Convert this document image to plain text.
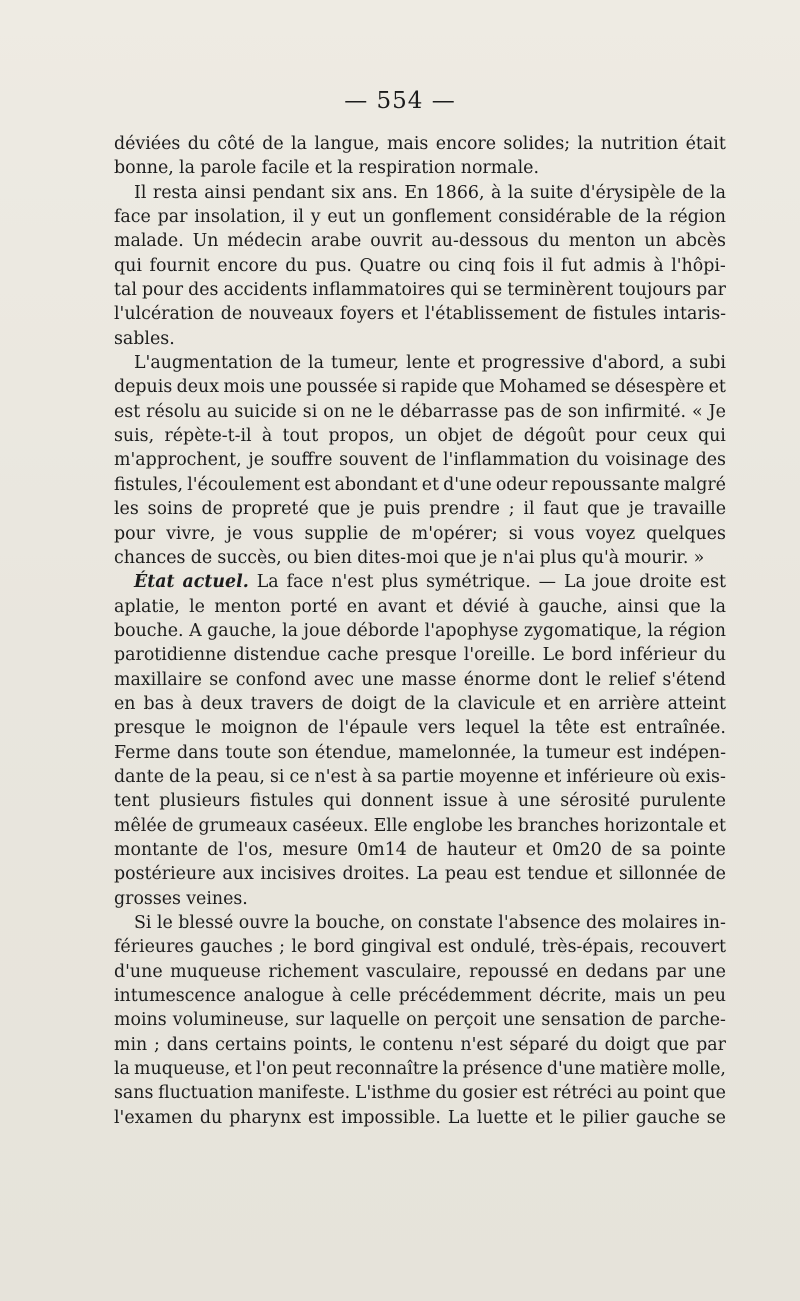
— 554 —
déviées du côté de la langue, mais encore solides; la nutrition était
bonne, la parole facile et la respiration normale.
Il resta ainsi pendant six ans. En 1866, à la suite d'érysipèle de la
face par insolation, il y eut un gonflement considérable de la région
malade. Un médecin arabe ouvrit au-dessous du menton un abcès
qui fournit encore du pus. Quatre ou cinq fois il fut admis à l'hôpi-
tal pour des accidents inflammatoires qui se terminèrent toujours par
l'ulcération de nouveaux foyers et l'établissement de fistules intaris-
sables.
L'augmentation de la tumeur, lente et progressive d'abord, a subi
depuis deux mois une poussée si rapide que Mohamed se désespère et
est résolu au suicide si on ne le débarrasse pas de son infirmité. « Je
suis, répète-t-il à tout propos, un objet de dégoût pour ceux qui
m'approchent, je souffre souvent de l'inflammation du voisinage des
fistules, l'écoulement est abondant et d'une odeur repoussante malgré
les soins de propreté que je puis prendre ; il faut que je travaille
pour vivre, je vous supplie de m'opérer; si vous voyez quelques
chances de succès, ou bien dites-moi que je n'ai plus qu'à mourir. »
État actuel. La face n'est plus symétrique. — La joue droite est
aplatie, le menton porté en avant et dévié à gauche, ainsi que la
bouche. A gauche, la joue déborde l'apophyse zygomatique, la région
parotidienne distendue cache presque l'oreille. Le bord inférieur du
maxillaire se confond avec une masse énorme dont le relief s'étend
en bas à deux travers de doigt de la clavicule et en arrière atteint
presque le moignon de l'épaule vers lequel la tête est entraînée.
Ferme dans toute son étendue, mamelonnée, la tumeur est indépen-
dante de la peau, si ce n'est à sa partie moyenne et inférieure où exis-
tent plusieurs fistules qui donnent issue à une sérosité purulente
mêlée de grumeaux caséeux. Elle englobe les branches horizontale et
montante de l'os, mesure 0m14 de hauteur et 0m20 de sa pointe
postérieure aux incisives droites. La peau est tendue et sillonnée de
grosses veines.
Si le blessé ouvre la bouche, on constate l'absence des molaires in-
férieures gauches ; le bord gingival est ondulé, très-épais, recouvert
d'une muqueuse richement vasculaire, repoussé en dedans par une
intumescence analogue à celle précédemment décrite, mais un peu
moins volumineuse, sur laquelle on perçoit une sensation de parche-
min ; dans certains points, le contenu n'est séparé du doigt que par
la muqueuse, et l'on peut reconnaître la présence d'une matière molle,
sans fluctuation manifeste. L'isthme du gosier est rétréci au point que
l'examen du pharynx est impossible. La luette et le pilier gauche se
